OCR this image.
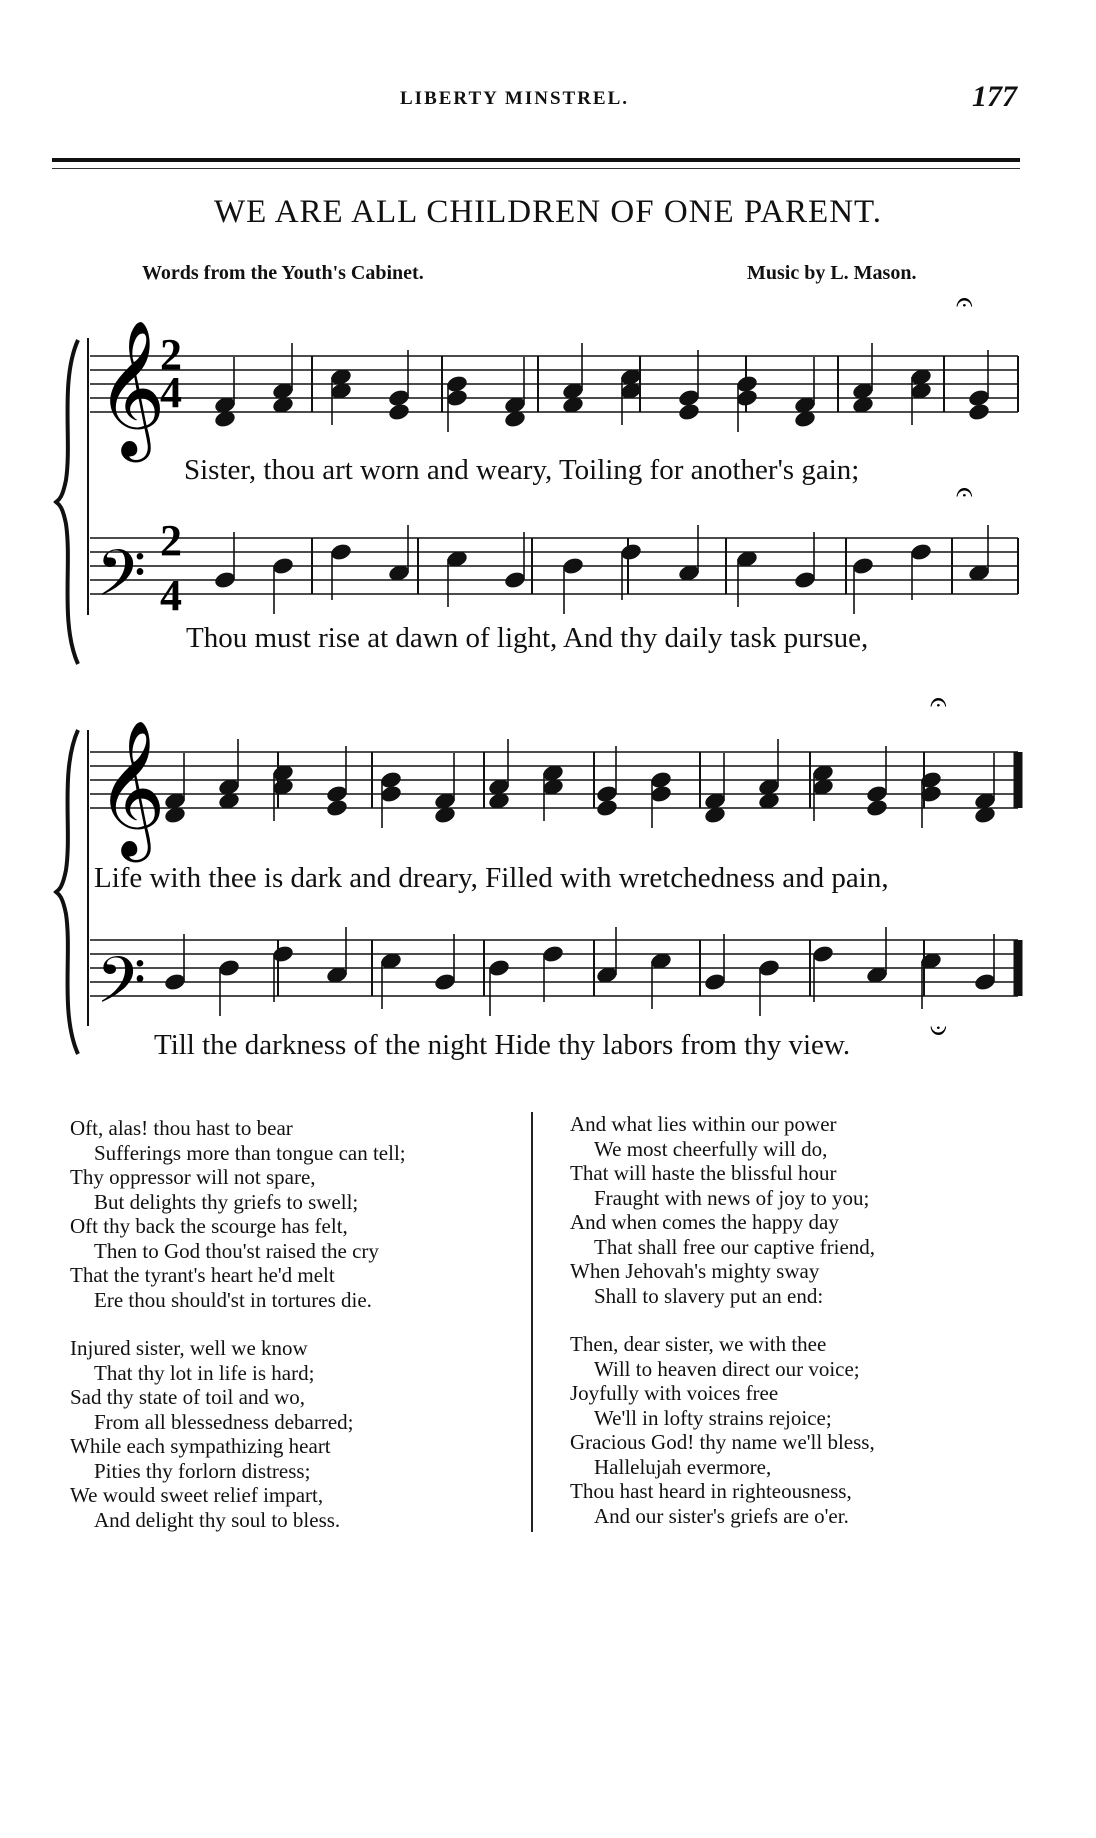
LIBERTY MINSTREL.	177
WE ARE ALL CHILDREN OF ONE PARENT.
Words from the Youth's Cabinet.	Music by L. Mason.
𝄞
𝄢
𝄞
𝄢
2
4
2
4
𝄐
𝄐
𝄐
𝄑
Sister, thou art worn and weary, Toiling for another's gain;
Thou must rise at dawn of light, And thy daily task pursue,
Life with thee is dark and dreary, Filled with wretchedness and pain,
Till the darkness of the night Hide thy labors from thy view.
Oft, alas! thou hast to bear
Sufferings more than tongue can tell;
Thy oppressor will not spare,
But delights thy griefs to swell;
Oft thy back the scourge has felt,
Then to God thou'st raised the cry
That the tyrant's heart he'd melt
Ere thou should'st in tortures die.
Injured sister, well we know
That thy lot in life is hard;
Sad thy state of toil and wo,
From all blessedness debarred;
While each sympathizing heart
Pities thy forlorn distress;
We would sweet relief impart,
And delight thy soul to bless.
And what lies within our power
We most cheerfully will do,
That will haste the blissful hour
Fraught with news of joy to you;
And when comes the happy day
That shall free our captive friend,
When Jehovah's mighty sway
Shall to slavery put an end:
Then, dear sister, we with thee
Will to heaven direct our voice;
Joyfully with voices free
We'll in lofty strains rejoice;
Gracious God! thy name we'll bless,
Hallelujah evermore,
Thou hast heard in righteousness,
And our sister's griefs are o'er.
